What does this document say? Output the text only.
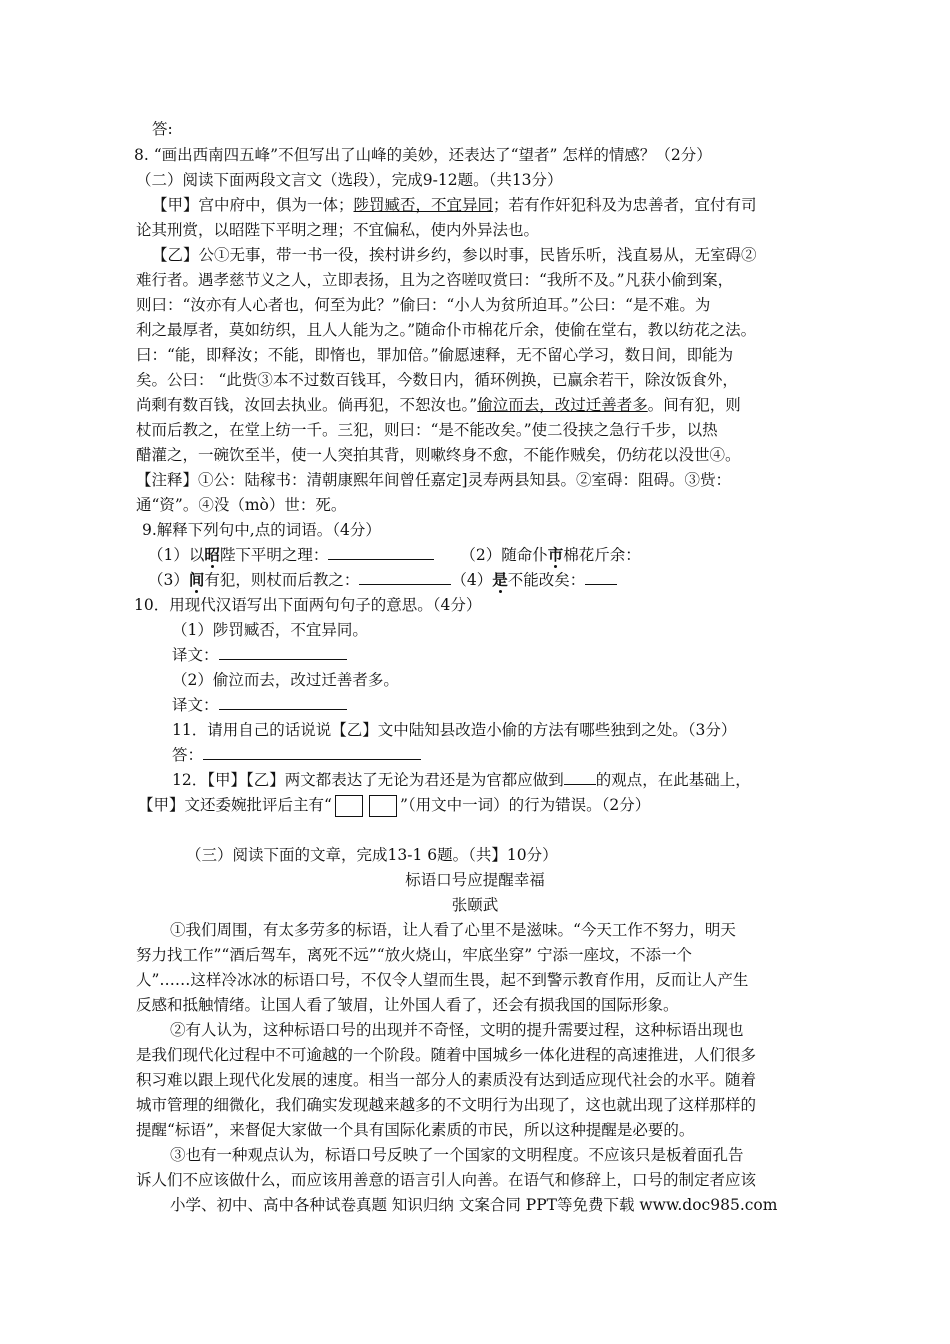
答:
8. “画出西南四五峰”不但写出了山峰的美妙，还表达了“望者” 怎样的情感？（2分）
（二）阅读下面两段文言文（选段），完成9-12题。（共13分）
【甲】宫中府中，俱为一体；陟罚臧否，不宜异同；若有作奸犯科及为忠善者，宜付有司
论其刑赏，以昭陛下平明之理；不宜偏私，使内外异法也。
【乙】公①无事，带一书一役，挨村讲乡约，参以时事，民皆乐听，浅直易从，无室碍②
难行者。遇孝慈节义之人，立即表扬，且为之咨嗟叹赏曰：“我所不及。”凡获小偷到案，
则曰：“汝亦有人心者也，何至为此？”偷曰：“小人为贫所迫耳。”公曰：“是不难。为
利之最厚者，莫如纺织，且人人能为之。”随命仆市棉花斤余，使偷在堂右，教以纺花之法。
曰：“能，即释汝；不能，即惰也，罪加倍。”偷愿速释，无不留心学习，数日间，即能为
矣。公曰： “此赀③本不过数百钱耳，今数日内，循环例换，已赢余若干，除汝饭食外，
尚剩有数百钱，汝回去执业。倘再犯，不恕汝也。”偷泣而去，改过迁善者多。间有犯，则
杖而后教之，在堂上纺一千。三犯，则曰：“是不能改矣。”使二役挟之急行千步，以热
醋灌之，一碗饮至半，使一人突拍其背，则嗽终身不愈，不能作贼矣，仍纺花以没世④。
【注释】①公：陆稼书：清朝康熙年间曾任嘉定]灵寿两县知县。②室碍：阻碍。③赀：
通“资”。④没（mò）世：死。
9.解释下列句中,点的词语。（4分）
（1）以昭陛下平明之理：	（2）随命仆市棉花斤余：
（3）间有犯，则杖而后教之：	（4）是不能改矣：
10．用现代汉语写出下面两句句子的意思。（4分）
（1）陟罚臧否，不宜异同。
译文：
（2）偷泣而去，改过迁善者多。
译文：
11．请用自己的话说说【乙】文中陆知县改造小偷的方法有哪些独到之处。（3分）
答：
12．【甲】【乙】两文都表达了无论为君还是为官都应做到 的观点，在此基础上，
【甲】文还委婉批评后主有“	”（用文中一词）的行为错误。（2分）
（三）阅读下面的文章，完成13-1 6题。（共】10分）
标语口号应提醒幸福
张颐武
①我们周围，有太多劳多的标语，让人看了心里不是滋味。“今天工作不努力，明天
努力找工作”“酒后驾车，离死不远”“放火烧山，牢底坐穿” 宁添一座坟，不添一个
人”……这样冷冰冰的标语口号，不仅令人望而生畏，起不到警示教育作用，反而让人产生
反感和抵触情绪。让国人看了皱眉，让外国人看了，还会有损我国的国际形象。
②有人认为，这种标语口号的出现并不奇怪，文明的提升需要过程，这种标语出现也
是我们现代化过程中不可逾越的一个阶段。随着中国城乡一体化进程的高速推进，人们很多
积习难以跟上现代化发展的速度。相当一部分人的素质没有达到适应现代社会的水平。随着
城市管理的细微化，我们确实发现越来越多的不文明行为出现了，这也就出现了这样那样的
提醒“标语”，来督促大家做一个具有国际化素质的市民，所以这种提醒是必要的。
③也有一种观点认为，标语口号反映了一个国家的文明程度。不应该只是板着面孔告
诉人们不应该做什么，而应该用善意的语言引人向善。在语气和修辞上，口号的制定者应该
小学、初中、高中各种试卷真题 知识归纳 文案合同 PPT等免费下载 www.doc985.com
